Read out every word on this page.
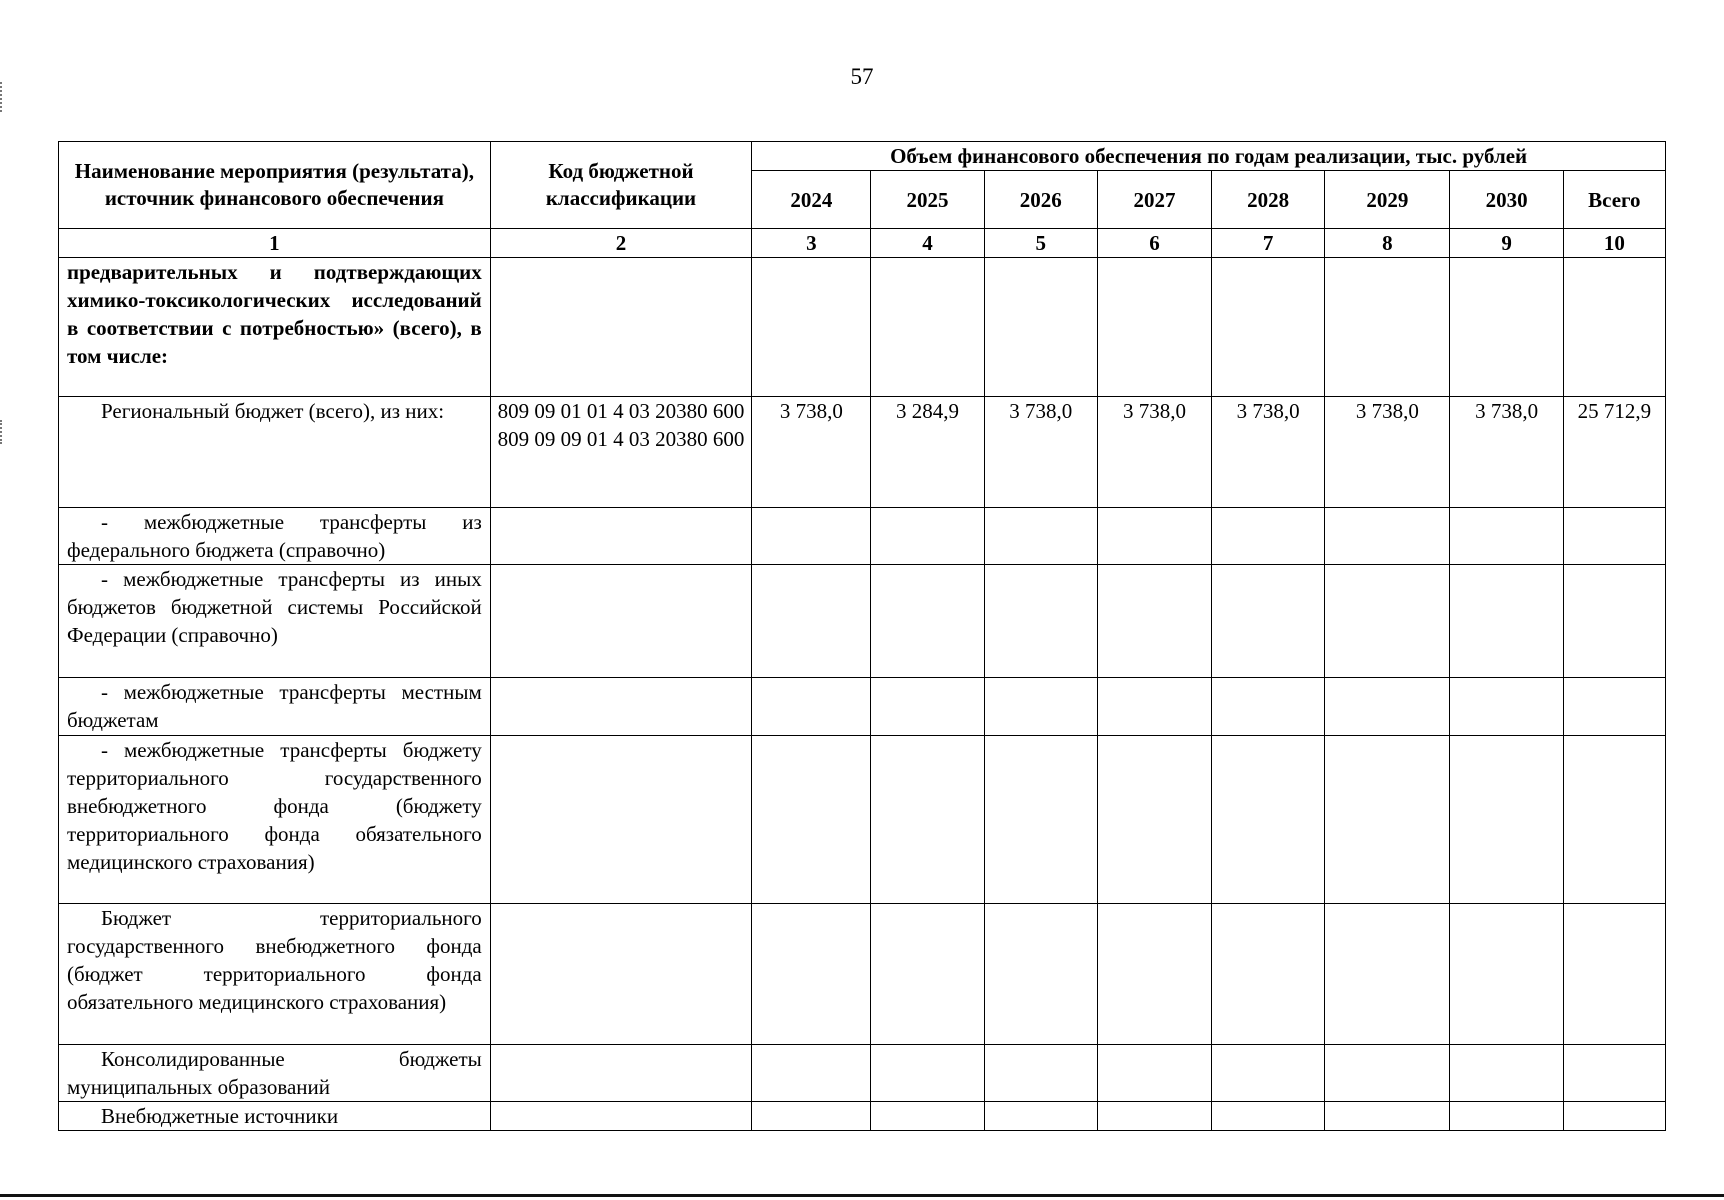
57
Наименование мероприятия (результата), источник финансового обеспечения	Код бюджетной классификации	Объем финансового обеспечения по годам реализации, тыс. рублей							
		2024	2025	2026	2027	2028	2029	2030	Всего
1	2	3	4	5	6	7	8	9	10
предварительных и подтверждающих химико-токсикологических исследований в соответствии с потребностью» (всего), в том числе:									
Региональный бюджет (всего), из них:	809 09 01 01 4 03 20380 600 809 09 09 01 4 03 20380 600	3 738,0	3 284,9	3 738,0	3 738,0	3 738,0	3 738,0	3 738,0	25 712,9
- межбюджетные трансферты из федерального бюджета (справочно)									
- межбюджетные трансферты из иных бюджетов бюджетной системы Российской Федерации (справочно)									
- межбюджетные трансферты местным бюджетам									
- межбюджетные трансферты бюджету территориального государственного внебюджетного фонда (бюджету территориального фонда обязательного медицинского страхования)									
Бюджет территориального государственного внебюджетного фонда (бюджет территориального фонда обязательного медицинского страхования)									
Консолидированные бюджеты муниципальных образований									
Внебюджетные источники									
